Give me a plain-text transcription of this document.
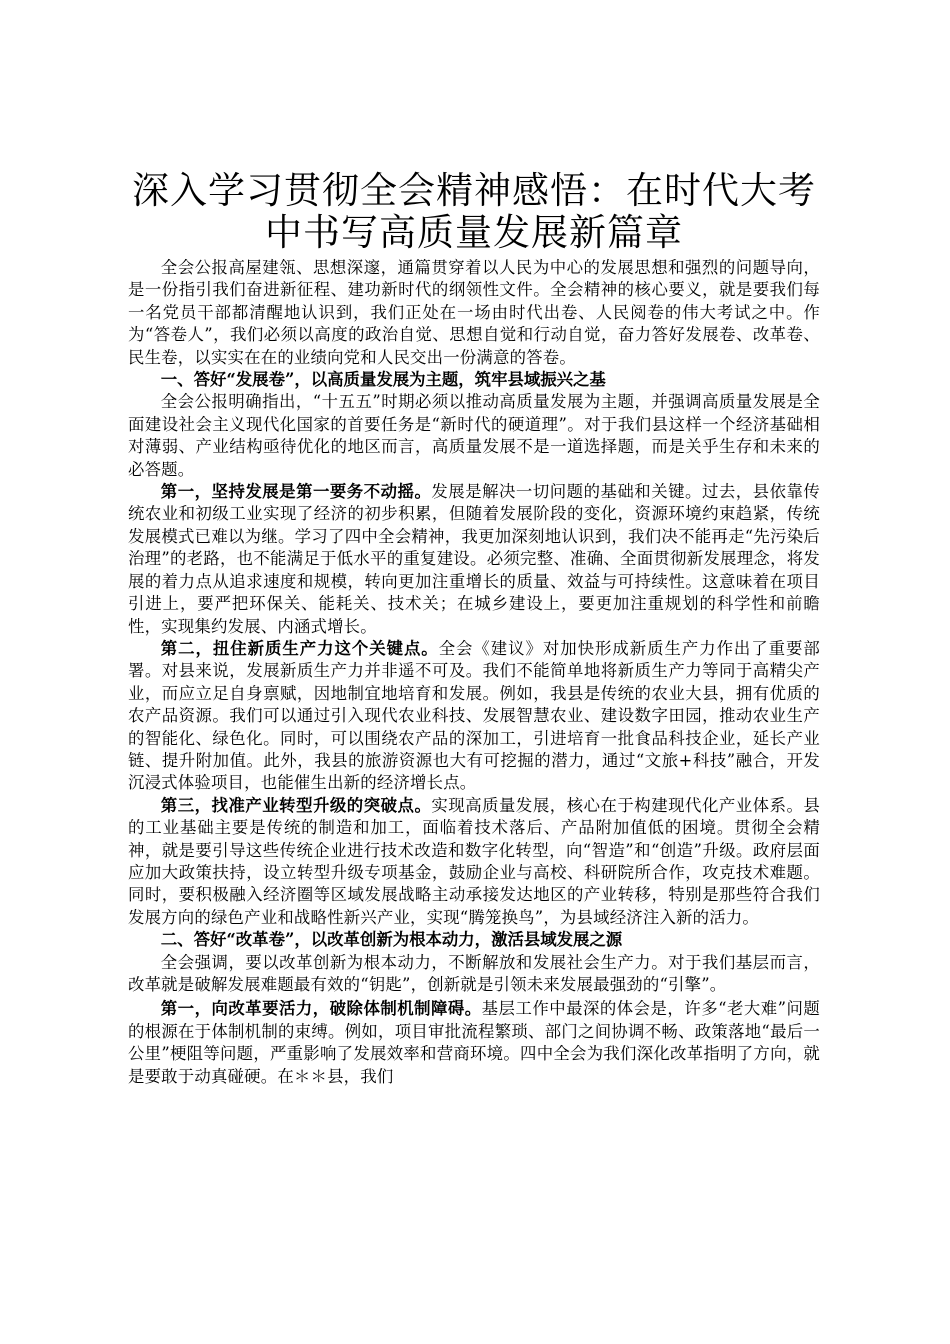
深入学习贯彻全会精神感悟：在时代大考中书写高质量发展新篇章

全会公报高屋建瓴、思想深邃，通篇贯穿着以人民为中心的发展思想和强烈的问题导向，是一份指引我们奋进新征程、建功新时代的纲领性文件。全会精神的核心要义，就是要我们每一名党员干部都清醒地认识到，我们正处在一场由时代出卷、人民阅卷的伟大考试之中。作为“答卷人”，我们必须以高度的政治自觉、思想自觉和行动自觉，奋力答好发展卷、改革卷、民生卷，以实实在在的业绩向党和人民交出一份满意的答卷。

一、答好“发展卷”，以高质量发展为主题，筑牢县域振兴之基

全会公报明确指出，“十五五”时期必须以推动高质量发展为主题，并强调高质量发展是全面建设社会主义现代化国家的首要任务是“新时代的硬道理”。对于我们县这样一个经济基础相对薄弱、产业结构亟待优化的地区而言，高质量发展不是一道选择题，而是关乎生存和未来的必答题。

第一，坚持发展是第一要务不动摇。发展是解决一切问题的基础和关键。过去，县依靠传统农业和初级工业实现了经济的初步积累，但随着发展阶段的变化，资源环境约束趋紧，传统发展模式已难以为继。学习了四中全会精神，我更加深刻地认识到，我们决不能再走“先污染后治理”的老路，也不能满足于低水平的重复建设。必须完整、准确、全面贯彻新发展理念，将发展的着力点从追求速度和规模，转向更加注重增长的质量、效益与可持续性。这意味着在项目引进上，要严把环保关、能耗关、技术关；在城乡建设上，要更加注重规划的科学性和前瞻性，实现集约发展、内涵式增长。

第二，扭住新质生产力这个关键点。全会《建议》对加快形成新质生产力作出了重要部署。对县来说，发展新质生产力并非遥不可及。我们不能简单地将新质生产力等同于高精尖产业，而应立足自身禀赋，因地制宜地培育和发展。例如，我县是传统的农业大县，拥有优质的农产品资源。我们可以通过引入现代农业科技、发展智慧农业、建设数字田园，推动农业生产的智能化、绿色化。同时，可以围绕农产品的深加工，引进培育一批食品科技企业，延长产业链、提升附加值。此外，我县的旅游资源也大有可挖掘的潜力，通过“文旅+科技”融合，开发沉浸式体验项目，也能催生出新的经济增长点。

第三，找准产业转型升级的突破点。实现高质量发展，核心在于构建现代化产业体系。县的工业基础主要是传统的制造和加工，面临着技术落后、产品附加值低的困境。贯彻全会精神，就是要引导这些传统企业进行技术改造和数字化转型，向“智造”和“创造”升级。政府层面应加大政策扶持，设立转型升级专项基金，鼓励企业与高校、科研院所合作，攻克技术难题。同时，要积极融入经济圈等区域发展战略主动承接发达地区的产业转移，特别是那些符合我们发展方向的绿色产业和战略性新兴产业，实现“腾笼换鸟”，为县域经济注入新的活力。

二、答好“改革卷”，以改革创新为根本动力，激活县域发展之源

全会强调，要以改革创新为根本动力，不断解放和发展社会生产力。对于我们基层而言，改革就是破解发展难题最有效的“钥匙”，创新就是引领未来发展最强劲的“引擎”。

第一，向改革要活力，破除体制机制障碍。基层工作中最深的体会是，许多“老大难”问题的根源在于体制机制的束缚。例如，项目审批流程繁琐、部门之间协调不畅、政策落地“最后一公里”梗阻等问题，严重影响了发展效率和营商环境。四中全会为我们深化改革指明了方向，就是要敢于动真碰硬。在＊＊县，我们
